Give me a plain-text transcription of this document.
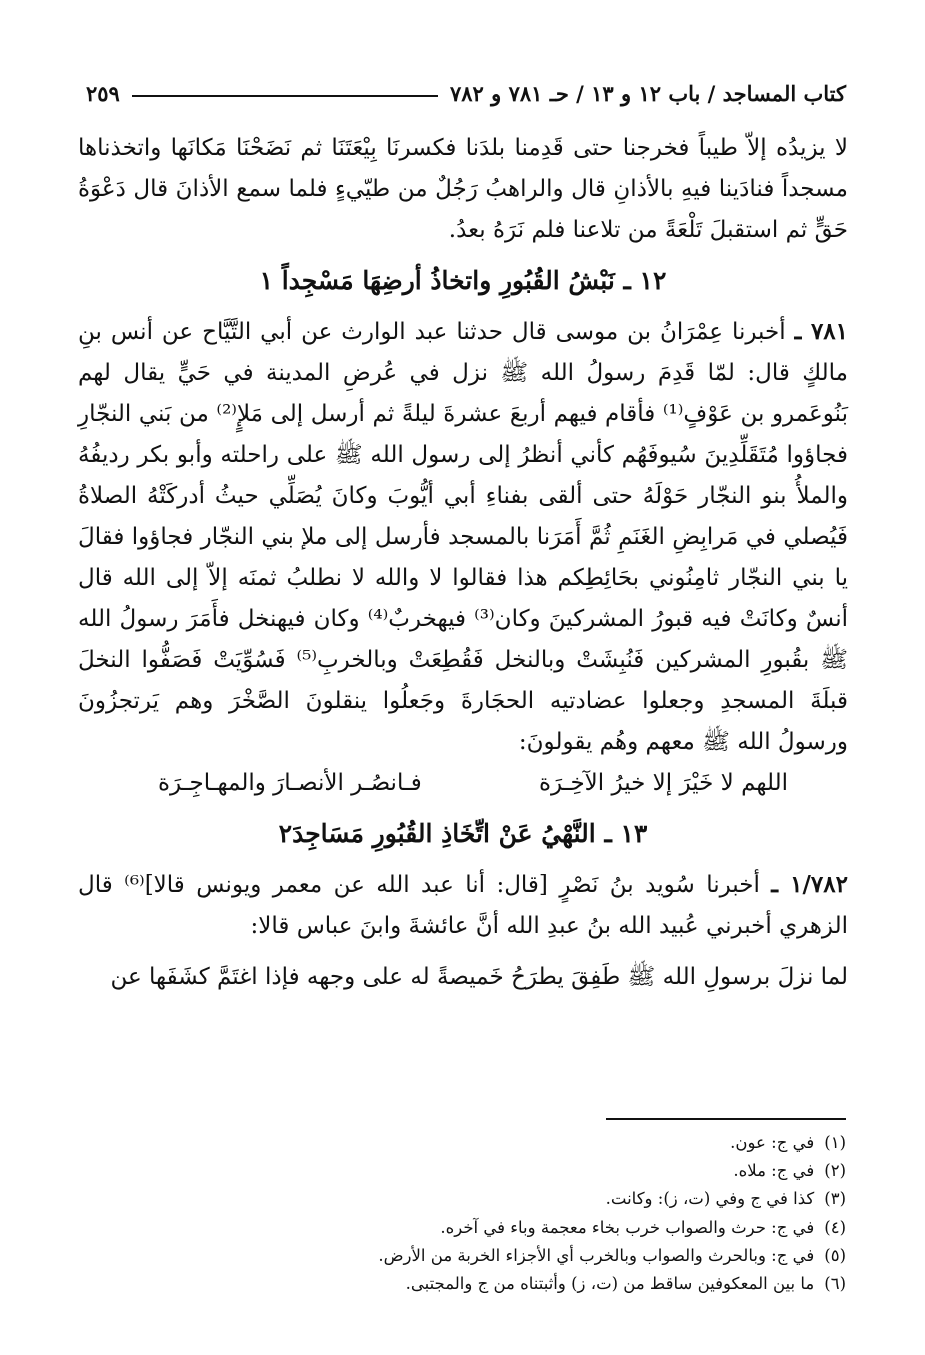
كتاب المساجد / باب ١٢ و ١٣ / حـ ٧٨١ و ٧٨٢
٢٥٩

لا يزيدُه إلاّ طيباً فخرجنا حتى قَدِمنا بلدَنا فكسرنَا بِيْعَتَنَا ثم نَضَحْنَا مَكانَها واتخذناها مسجداً فنادَينا فيهِ بالأذانِ قال والراهبُ رَجُلٌ من طيّيءٍ فلما سمع الأذانَ قال دَعْوَةُ حَقٍّ ثم استقبلَ تَلْعَةً من تلاعنا فلم نَرَهُ بعدُ.

١٢ ـ نَبْشُ القُبُورِ واتخاذُ أرضِهَا مَسْجِداً ١

٧٨١ ـ أخبرنا عِمْرَانُ بن موسى قال حدثنا عبد الوارث عن أبي التَّيَّاح عن أنس بنِ مالكٍ قال: لمّا قَدِمَ رسولُ الله ﷺ نزل في عُرضِ المدينة في حَيٍّ يقال لهم بَنُوعَمرو بن عَوْفٍ⁽¹⁾ فأقام فيهم أربعَ عشرةَ ليلةً ثم أرسل إلى مَلإٍ⁽²⁾ من بَني النجّارِ فجاؤوا مُتَقَلِّدِينَ سُيوفَهُم كأني أنظرُ إلى رسول الله ﷺ على راحلته وأبو بكر رديفُهُ والملأُ بنو النجّار حَوْلَهُ حتى ألقى بفناءِ أبي أيُّوبَ وكانَ يُصَلِّي حيثُ أدركَتْهُ الصلاةُ فَيُصلي في مَرابِضِ الغَنَمِ ثُمَّ أَمَرَنا بالمسجد فأرسل إلى ملإ بني النجّار فجاؤوا فقالَ يا بني النجّار ثامِنُوني بحَائِطِكم هذا فقالوا لا والله لا نطلبُ ثمنَه إلاّ إلى الله قال أنسٌ وكانَتْ فيه قبورُ المشركينَ وكان⁽³⁾ فيهخربٌ⁽⁴⁾ وكان فيهنخل فأَمَرَ رسولُ الله ﷺ بقُبورِ المشركين فَنُبِشَتْ وبالنخل فَقُطِعَتْ وبالخربِ⁽⁵⁾ فَسُوِّيَتْ فَصَفُّوا النخلَ قبلَةَ المسجدِ وجعلوا عضادتيه الحجَارةَ وجَعلُوا ينقلونَ الصَّخْرَ وهم يَرتجزُونَ ورسولُ الله ﷺ معهم وهُم يقولونَ:

اللهم لا خَيْرَ إلا خيرُ الآخِـرَة
فـانصُـر الأنصـارَ والمهـاجِـرَة
١٣ ـ النَّهْيُ عَنْ اتِّخَاذِ القُبُورِ مَسَاجِدَ٢

١/٧٨٢ ـ أخبرنا سُويد بنُ نَصْرٍ [قال: أنا عبد الله عن معمر ويونس قالا]⁽⁶⁾ قال الزهري أخبرني عُبيد الله بنُ عبدِ الله أنَّ عائشةَ وابنَ عباس قالا:

لما نزلَ برسولِ الله ﷺ طَفِقَ يطرَحُ خَميصةً له على وجهه فإذا اغتَمَّ كشَفَها عن

(١)في ج: عون.
(٢)في ج: ملاه.
(٣)كذا في ج وفي (ت، ز): وكانت.
(٤)في ج: حرث والصواب خرب بخاء معجمة وباء في آخره.
(٥)في ج: وبالحرث والصواب وبالخرب أي الأجزاء الخربة من الأرض.
(٦)ما بين المعكوفين ساقط من (ت، ز) وأثبتناه من ج والمجتبى.
